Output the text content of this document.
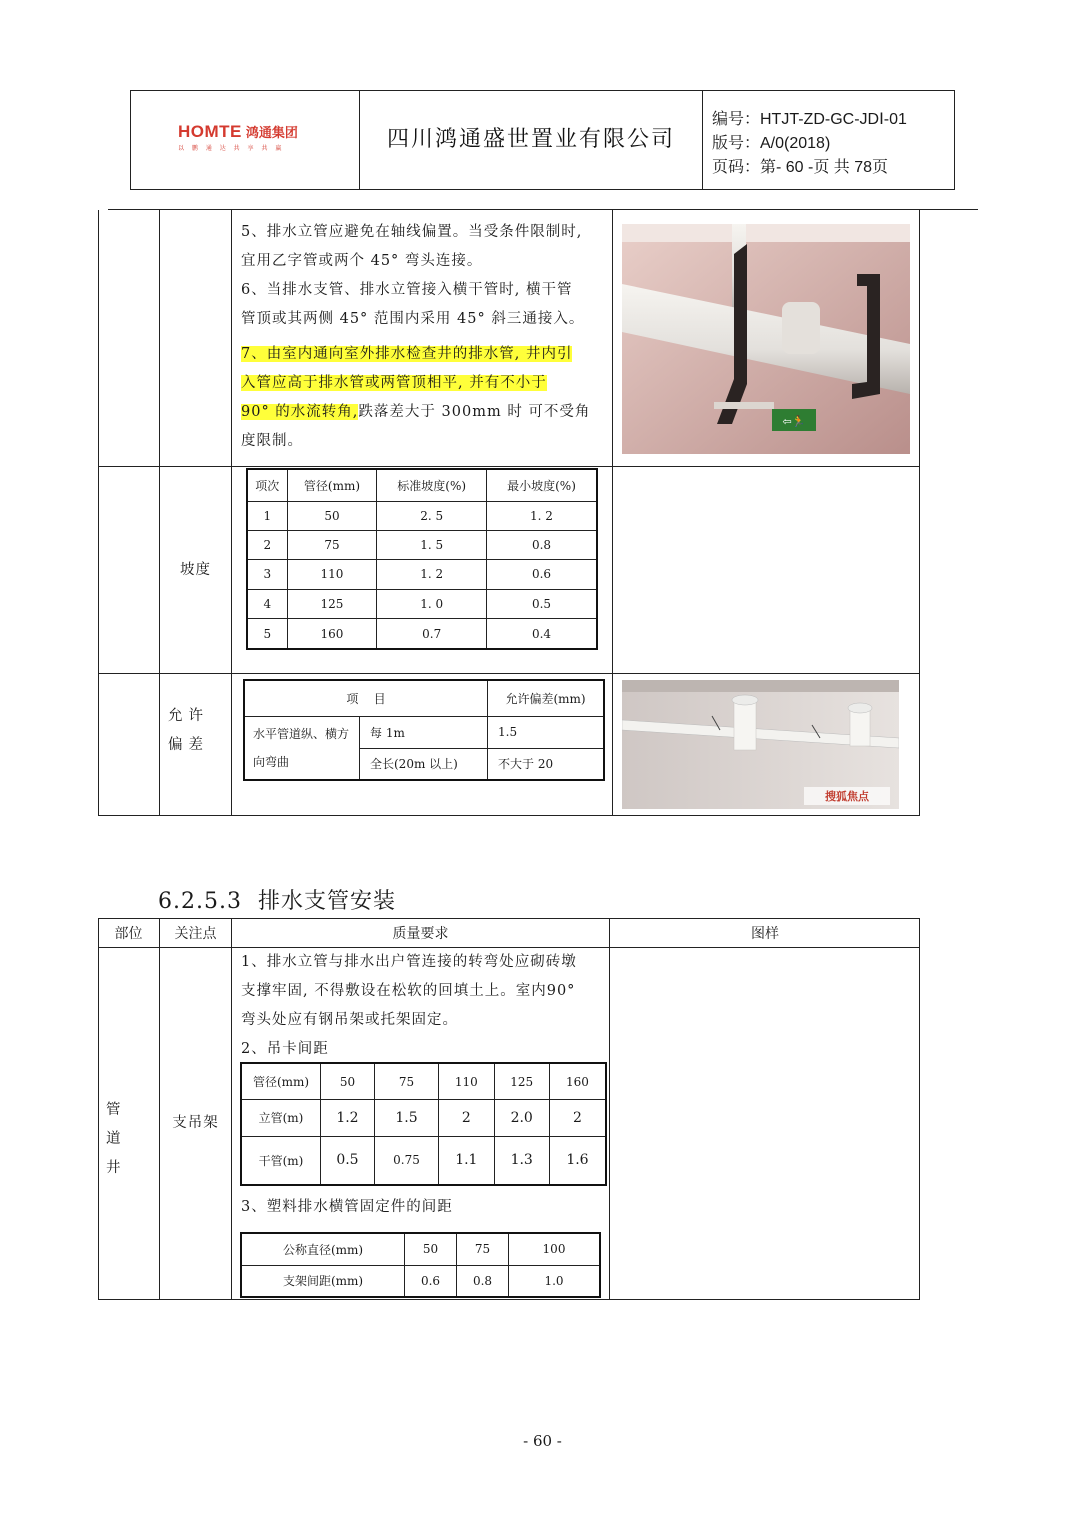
HOMTE 鸿通集团
以 鹏 通 达 共 享 共 赢	四川鸿通盛世置业有限公司
编号：HTJT-ZD-GC-JDⅠ-01
版号：A/0(2018)
页码：第- 60 -页 共 78页
5、排水立管应避免在轴线偏置。当受条件限制时,
宜用乙字管或两个 45° 弯头连接。
6、当排水支管、排水立管接入横干管时, 横干管
管顶或其两侧 45° 范围内采用 45° 斜三通接入。
7、由室内通向室外排水检查井的排水管, 井内引
入管应高于排水管或两管顶相平, 并有不小于
90° 的水流转角,跌落差大于 300mm 时 可不受角
度限制。
⇦🏃
坡度
项次	管径(mm)	标准坡度(%)	最小坡度(%)
1	50	2. 5	1. 2
2	75	1. 5	0.8
3	110	1. 2	0.6
4	125	1. 0	0.5
5	160	0.7	0.4
允许偏差
项    目		允许偏差(mm)
水平管道纵、横方向弯曲	每 1m	1.5
	全长(20m 以上)	不大于 20
搜狐焦点
6.2.5.3  排水支管安装
部位	关注点	质量要求	图样
管道井
支吊架
1、排水立管与排水出户管连接的转弯处应砌砖墩
支撑牢固, 不得敷设在松软的回填土上。室内90°
弯头处应有钢吊架或托架固定。
2、吊卡间距
管径(mm)	50	75	110	125	160
立管(m)	1.2	1.5	2	2.0	2
干管(m)	0.5	0.75	1.1	1.3	1.6
3、塑料排水横管固定件的间距
公称直径(mm)	50	75	100
支架间距(mm)	0.6	0.8	1.0
- 60 -
